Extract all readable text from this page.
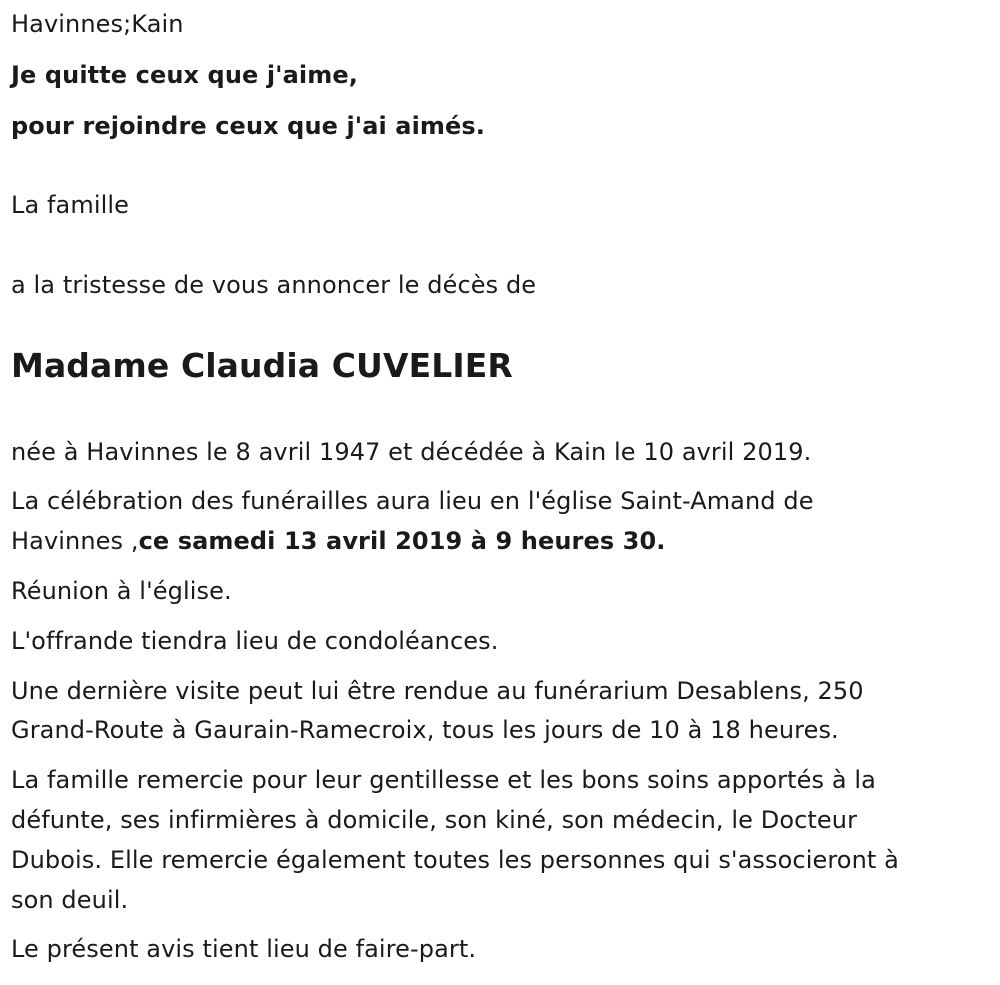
Havinnes;Kain
Je quitte ceux que j'aime,
pour rejoindre ceux que j'ai aimés.
La famille
a la tristesse de vous annoncer le décès de
Madame Claudia CUVELIER
née à Havinnes le 8 avril 1947 et décédée à Kain le 10 avril 2019.
La célébration des funérailles aura lieu en l'église Saint-Amand de
Havinnes ,ce samedi 13 avril 2019 à 9 heures 30.
Réunion à l'église.
L'offrande tiendra lieu de condoléances.
Une dernière visite peut lui être rendue au funérarium Desablens, 250
Grand-Route à Gaurain-Ramecroix, tous les jours de 10 à 18 heures.
La famille remercie pour leur gentillesse et les bons soins apportés à la
défunte, ses infirmières à domicile, son kiné, son médecin, le Docteur
Dubois. Elle remercie également toutes les personnes qui s'associeront à
son deuil.
Le présent avis tient lieu de faire-part.
